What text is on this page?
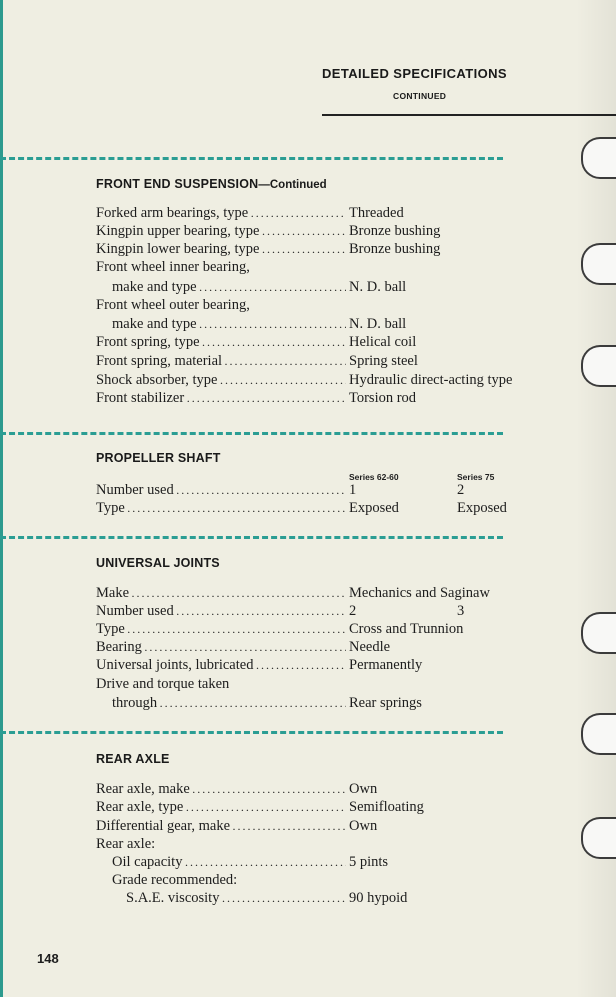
DETAILED SPECIFICATIONS
CONTINUED
FRONT END SUSPENSION—Continued
Forked arm bearings, type . . .	Threaded
Kingpin upper bearing, type . . .	Bronze bushing
Kingpin lower bearing, type . . .	Bronze bushing
Front wheel inner bearing,
make and type . . .	N. D. ball
Front wheel outer bearing,
make and type . . .	N. D. ball
Front spring, type . . .	Helical coil
Front spring, material . . .	Spring steel
Shock absorber, type . . .	Hydraulic direct-acting type
Front stabilizer . . .	Torsion rod
PROPELLER SHAFT
Series 62-60	Series 75
Number used . . .	1	2
Type . . .	Exposed	Exposed
UNIVERSAL JOINTS
Make . . .	Mechanics and Saginaw
Number used . . .	2	3
Type . . .	Cross and Trunnion
Bearing . . .	Needle
Universal joints, lubricated . . .	Permanently
Drive and torque taken
through . . .	Rear springs
REAR AXLE
Rear axle, make . . .	Own
Rear axle, type . . .	Semifloating
Differential gear, make . . .	Own
Rear axle:
Oil capacity . . .	5 pints
Grade recommended:
S.A.E. viscosity . . .	90 hypoid
148
